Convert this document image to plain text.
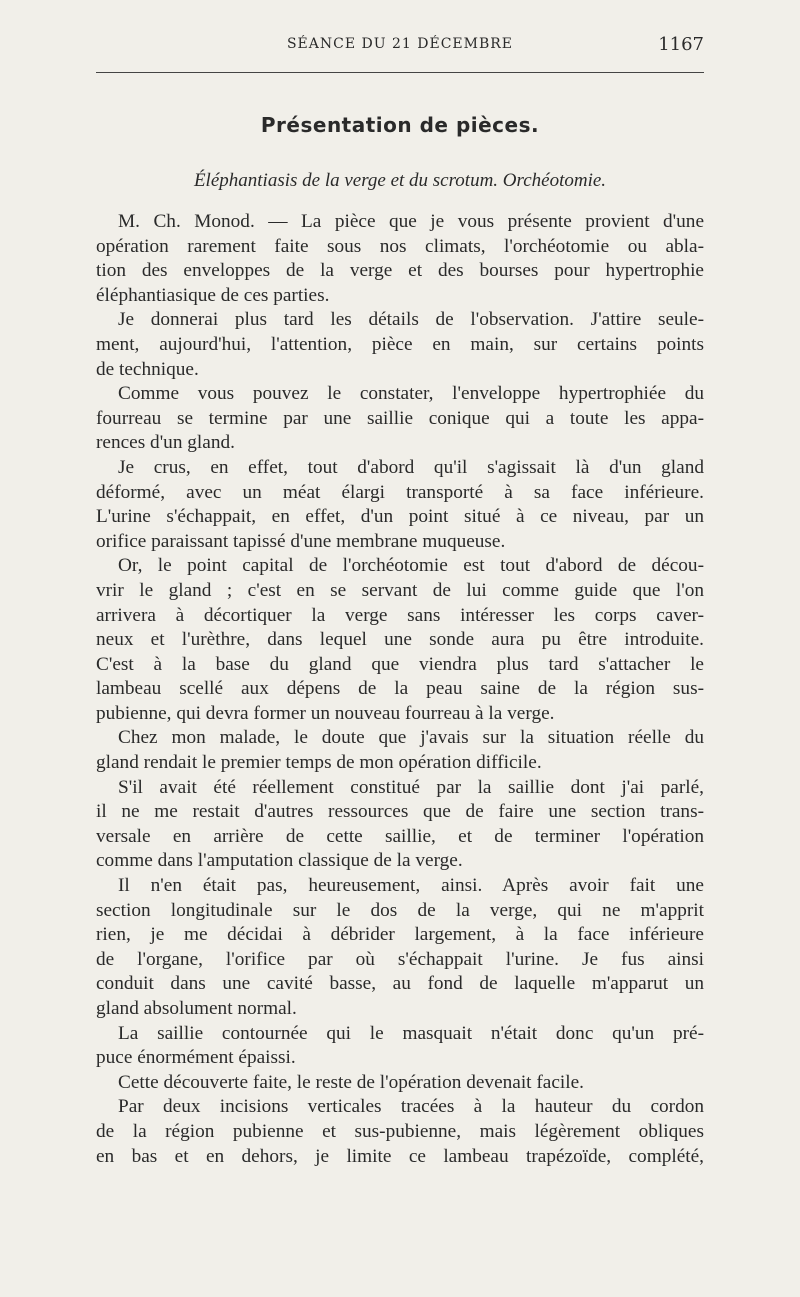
SÉANCE DU 21 DÉCEMBRE	1167
Présentation de pièces.
Éléphantiasis de la verge et du scrotum. Orchéotomie.
M. Ch. Monod. — La pièce que je vous présente provient d'une
opération rarement faite sous nos climats, l'orchéotomie ou abla-
tion des enveloppes de la verge et des bourses pour hypertrophie
éléphantiasique de ces parties.
Je donnerai plus tard les détails de l'observation. J'attire seule-
ment, aujourd'hui, l'attention, pièce en main, sur certains points
de technique.
Comme vous pouvez le constater, l'enveloppe hypertrophiée du
fourreau se termine par une saillie conique qui a toute les appa-
rences d'un gland.
Je crus, en effet, tout d'abord qu'il s'agissait là d'un gland
déformé, avec un méat élargi transporté à sa face inférieure.
L'urine s'échappait, en effet, d'un point situé à ce niveau, par un
orifice paraissant tapissé d'une membrane muqueuse.
Or, le point capital de l'orchéotomie est tout d'abord de décou-
vrir le gland ; c'est en se servant de lui comme guide que l'on
arrivera à décortiquer la verge sans intéresser les corps caver-
neux et l'urèthre, dans lequel une sonde aura pu être introduite.
C'est à la base du gland que viendra plus tard s'attacher le
lambeau scellé aux dépens de la peau saine de la région sus-
pubienne, qui devra former un nouveau fourreau à la verge.
Chez mon malade, le doute que j'avais sur la situation réelle du
gland rendait le premier temps de mon opération difficile.
S'il avait été réellement constitué par la saillie dont j'ai parlé,
il ne me restait d'autres ressources que de faire une section trans-
versale en arrière de cette saillie, et de terminer l'opération
comme dans l'amputation classique de la verge.
Il n'en était pas, heureusement, ainsi. Après avoir fait une
section longitudinale sur le dos de la verge, qui ne m'apprit
rien, je me décidai à débrider largement, à la face inférieure
de l'organe, l'orifice par où s'échappait l'urine. Je fus ainsi
conduit dans une cavité basse, au fond de laquelle m'apparut un
gland absolument normal.
La saillie contournée qui le masquait n'était donc qu'un pré-
puce énormément épaissi.
Cette découverte faite, le reste de l'opération devenait facile.
Par deux incisions verticales tracées à la hauteur du cordon
de la région pubienne et sus-pubienne, mais légèrement obliques
en bas et en dehors, je limite ce lambeau trapézoïde, complété,
